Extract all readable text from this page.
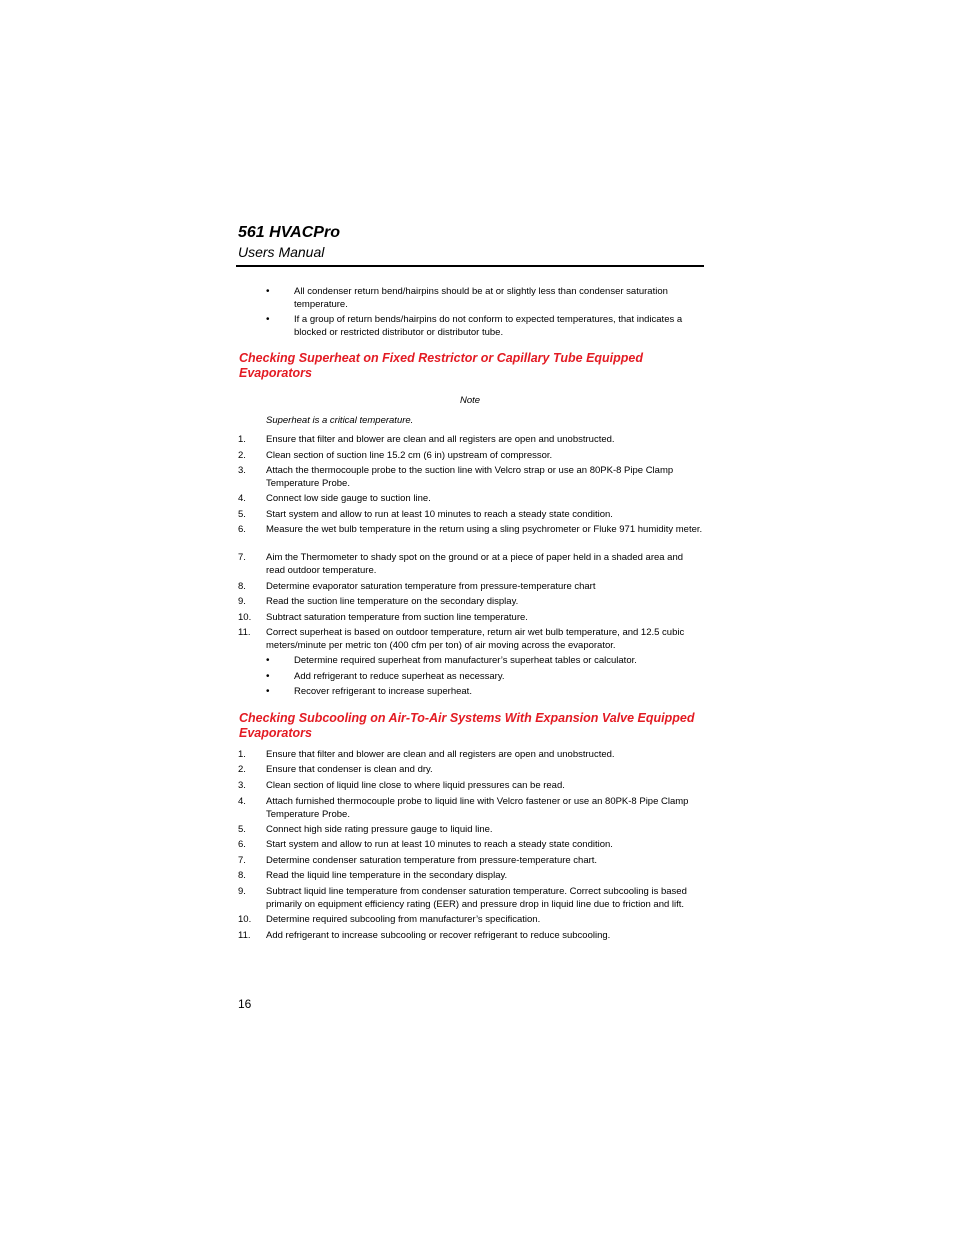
561 HVACPro
Users Manual
•	All condenser return bend/hairpins should be at or slightly less than condenser saturation temperature.
•	If a group of return bends/hairpins do not conform to expected temperatures, that indicates a blocked or restricted distributor or distributor tube.
Checking Superheat on Fixed Restrictor or Capillary Tube Equipped Evaporators
Note
Superheat is a critical temperature.
1. Ensure that filter and blower are clean and all registers are open and unobstructed.
2. Clean section of suction line 15.2 cm (6 in) upstream of compressor.
3. Attach the thermocouple probe to the suction line with Velcro strap or use an 80PK-8 Pipe Clamp Temperature Probe.
4. Connect low side gauge to suction line.
5. Start system and allow to run at least 10 minutes to reach a steady state condition.
6. Measure the wet bulb temperature in the return using a sling psychrometer or Fluke 971 humidity meter.
7. Aim the Thermometer to shady spot on the ground or at a piece of paper held in a shaded area and read outdoor temperature.
8. Determine evaporator saturation temperature from pressure-temperature chart
9. Read the suction line temperature on the secondary display.
10. Subtract saturation temperature from suction line temperature.
11. Correct superheat is based on outdoor temperature, return air wet bulb temperature, and 12.5 cubic meters/minute per metric ton (400 cfm per ton) of air moving across the evaporator.
•	Determine required superheat from manufacturer’s superheat tables or calculator.
•	Add refrigerant to reduce superheat as necessary.
•	Recover refrigerant to increase superheat.
Checking Subcooling on Air-To-Air Systems With Expansion Valve Equipped Evaporators
1. Ensure that filter and blower are clean and all registers are open and unobstructed.
2. Ensure that condenser is clean and dry.
3. Clean section of liquid line close to where liquid pressures can be read.
4. Attach furnished thermocouple probe to liquid line with Velcro fastener or use an 80PK-8 Pipe Clamp Temperature Probe.
5. Connect high side rating pressure gauge to liquid line.
6. Start system and allow to run at least 10 minutes to reach a steady state condition.
7. Determine condenser saturation temperature from pressure-temperature chart.
8. Read the liquid line temperature in the secondary display.
9. Subtract liquid line temperature from condenser saturation temperature. Correct subcooling is based primarily on equipment efficiency rating (EER) and pressure drop in liquid line due to friction and lift.
10. Determine required subcooling from manufacturer’s specification.
11. Add refrigerant to increase subcooling or recover refrigerant to reduce subcooling.
16
